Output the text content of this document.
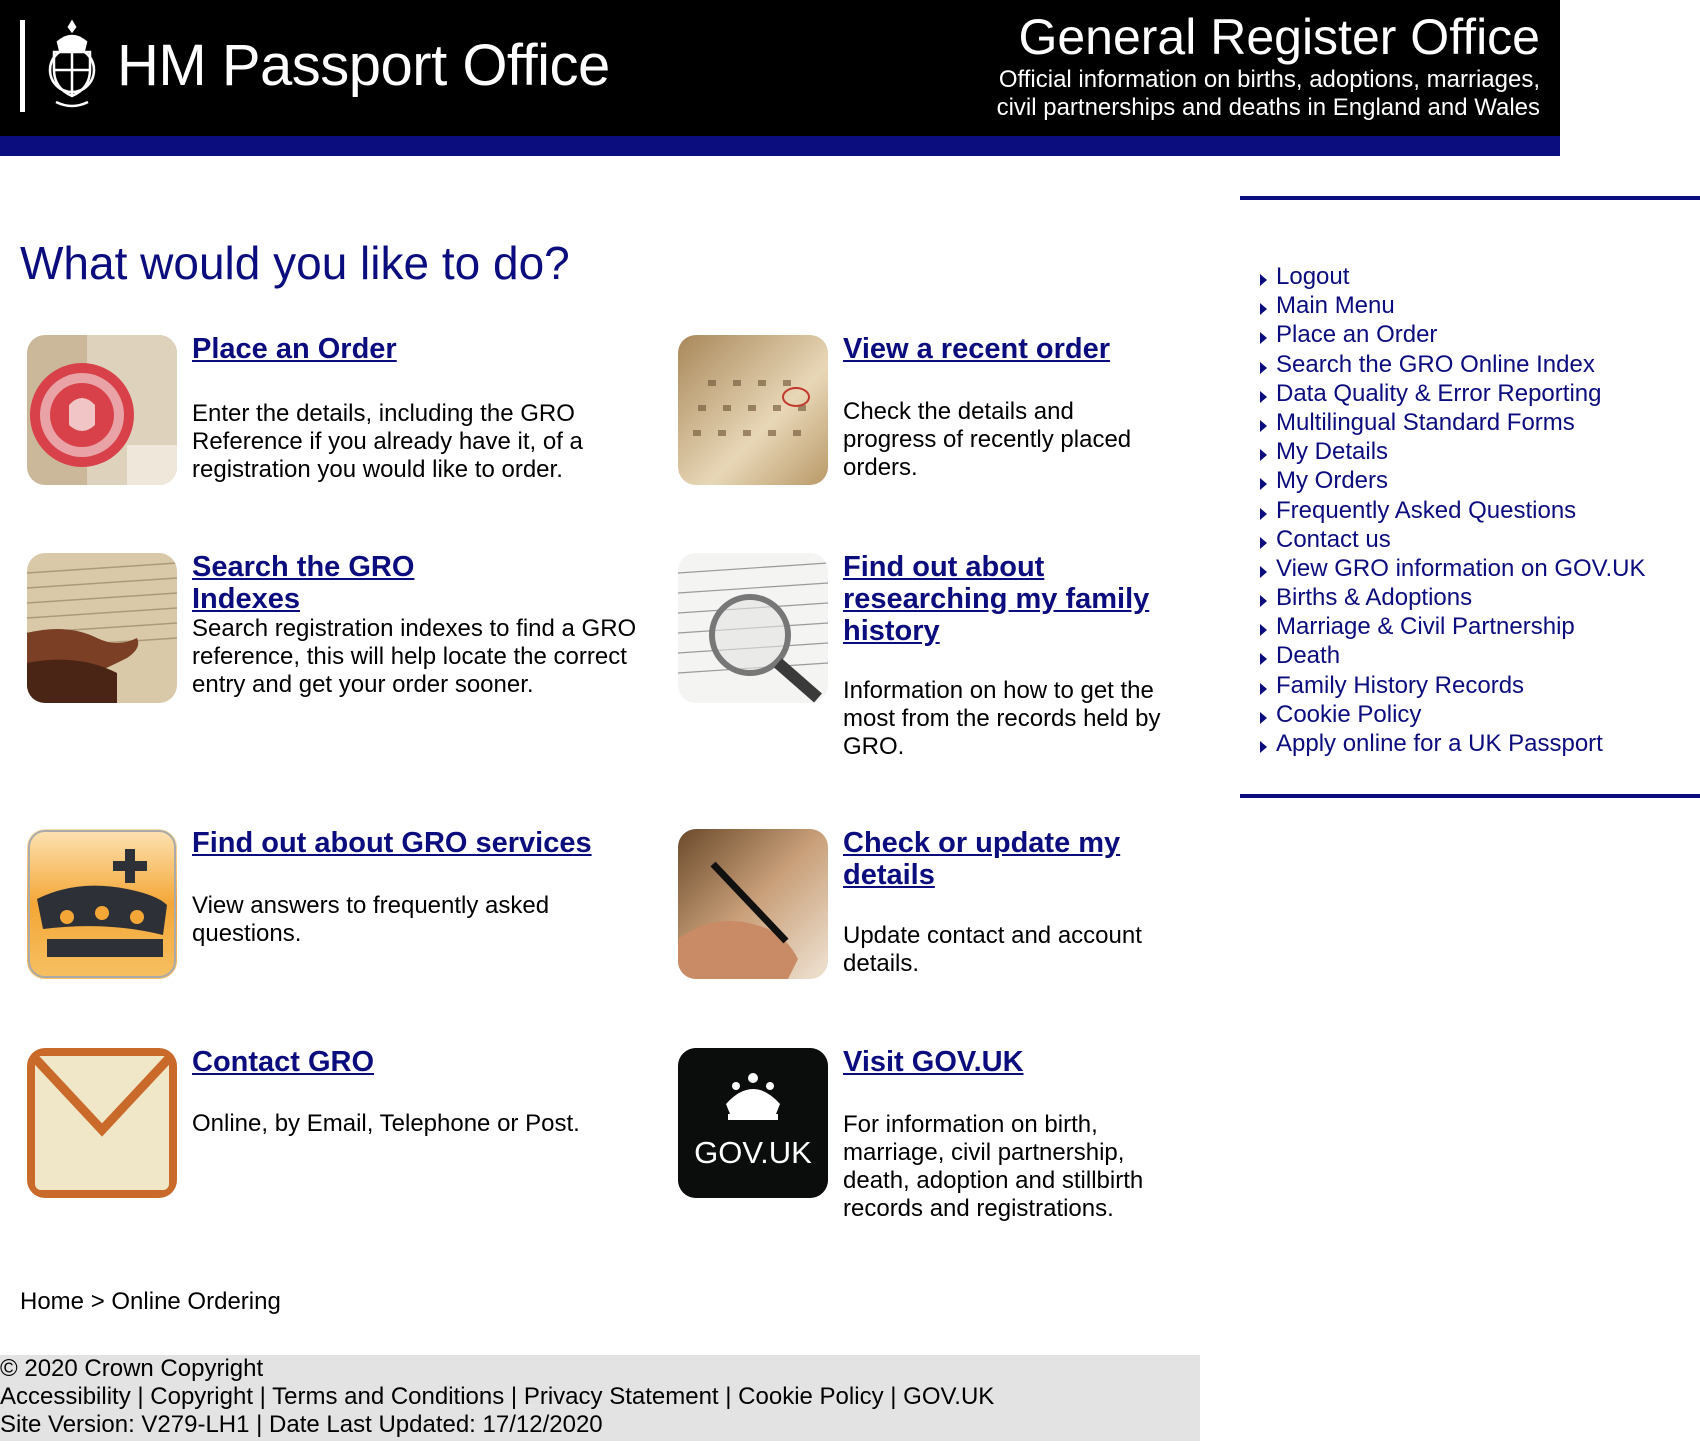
HM Passport Office	General Register Office
Official information on births, adoptions, marriages,
civil partnerships and deaths in England and Wales
What would you like to do?
Place an Order
Enter the details, including the GRO Reference if you already have it, of a registration you would like to order.
View a recent order
Check the details and progress of recently placed orders.
Search the GRO Indexes
Search registration indexes to find a GRO reference, this will help locate the correct entry and get your order sooner.
Find out about researching my family history
Information on how to get the most from the records held by GRO.
Find out about GRO services
View answers to frequently asked questions.
Check or update my details
Update contact and account details.
Contact GRO
Online, by Email, Telephone or Post.
GOV.UK
Visit GOV.UK
For information on birth, marriage, civil partnership, death, adoption and stillbirth records and registrations.
Home > Online Ordering
Logout
Main Menu
Place an Order
Search the GRO Online Index
Data Quality & Error Reporting
Multilingual Standard Forms
My Details
My Orders
Frequently Asked Questions
Contact us
View GRO information on GOV.UK
Births & Adoptions
Marriage & Civil Partnership
Death
Family History Records
Cookie Policy
Apply online for a UK Passport
© 2020 Crown Copyright
Accessibility | Copyright | Terms and Conditions | Privacy Statement | Cookie Policy | GOV.UK
Site Version: V279-LH1 | Date Last Updated: 17/12/2020
